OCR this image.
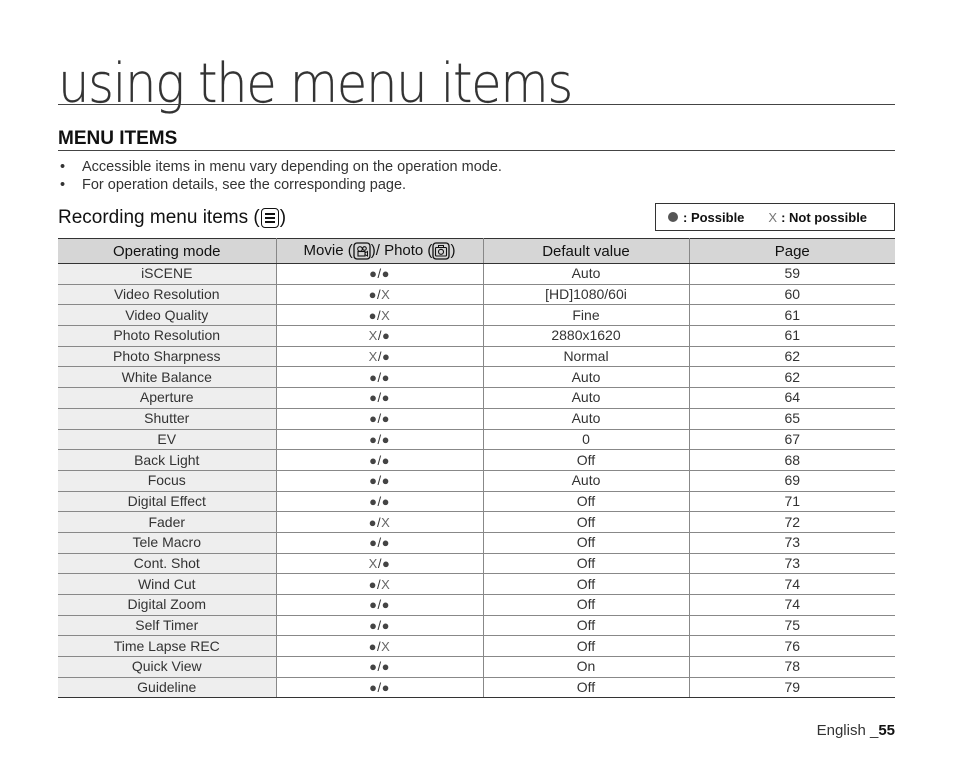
using the menu items
MENU ITEMS
• Accessible items in menu vary depending on the operation mode.
• For operation details, see the corresponding page.
Recording menu items ( )	: Possible X : Not possible
Operating mode	Movie ( )/ Photo ( )	Default value	Page
iSCENE	●/●	Auto	59
Video Resolution	●/X	[HD]1080/60i	60
Video Quality	●/X	Fine	61
Photo Resolution	X/●	2880x1620	61
Photo Sharpness	X/●	Normal	62
White Balance	●/●	Auto	62
Aperture	●/●	Auto	64
Shutter	●/●	Auto	65
EV	●/●	0	67
Back Light	●/●	Off	68
Focus	●/●	Auto	69
Digital Effect	●/●	Off	71
Fader	●/X	Off	72
Tele Macro	●/●	Off	73
Cont. Shot	X/●	Off	73
Wind Cut	●/X	Off	74
Digital Zoom	●/●	Off	74
Self Timer	●/●	Off	75
Time Lapse REC	●/X	Off	76
Quick View	●/●	On	78
Guideline	●/●	Off	79
English _55
